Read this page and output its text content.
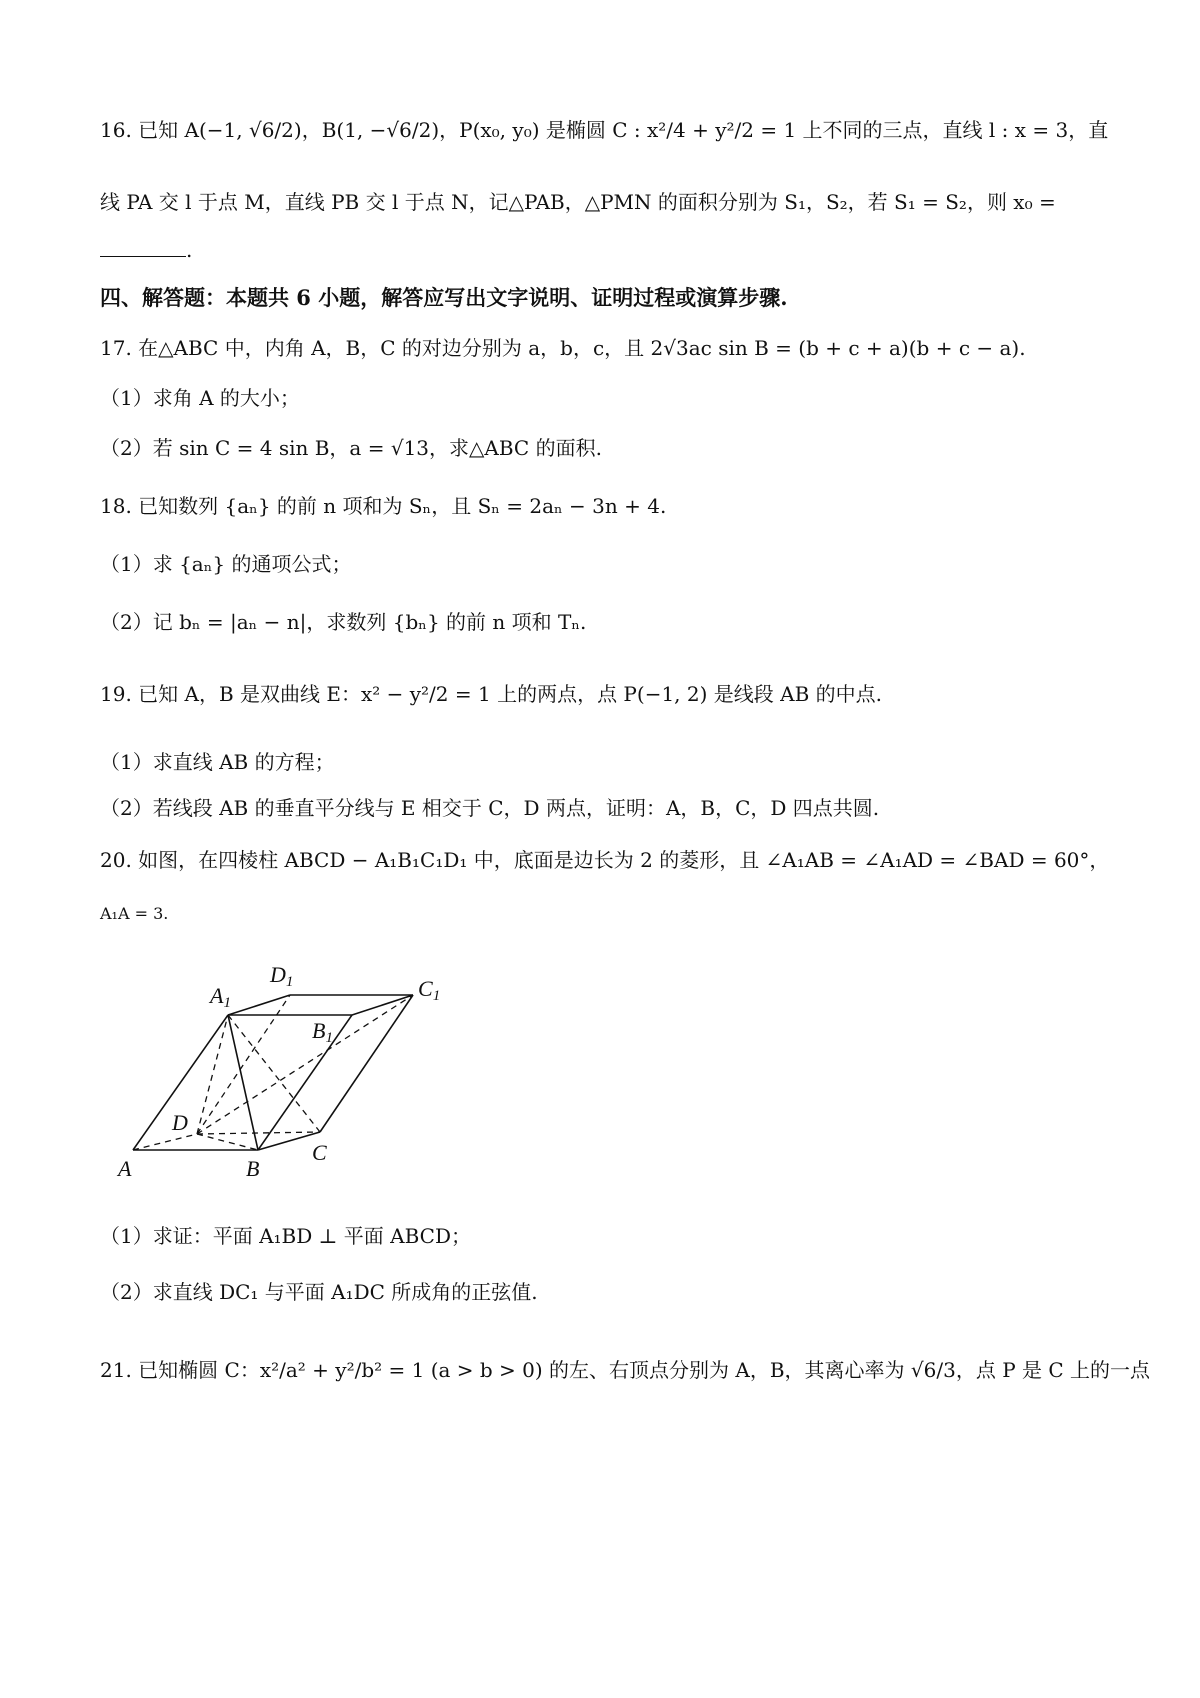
16. 已知 A(−1, √6/2)，B(1, −√6/2)，P(x₀, y₀) 是椭圆 C : x²/4 + y²/2 = 1 上不同的三点，直线 l : x = 3，直
线 PA 交 l 于点 M，直线 PB 交 l 于点 N，记△PAB，△PMN 的面积分别为 S₁，S₂，若 S₁ = S₂，则 x₀ =
.
四、解答题：本题共 6 小题，解答应写出文字说明、证明过程或演算步骤.
17. 在△ABC 中，内角 A，B，C 的对边分别为 a，b，c，且 2√3ac sin B = (b + c + a)(b + c − a).
（1）求角 A 的大小；
（2）若 sin C = 4 sin B，a = √13，求△ABC 的面积.
18. 已知数列 {aₙ} 的前 n 项和为 Sₙ，且 Sₙ = 2aₙ − 3n + 4.
（1）求 {aₙ} 的通项公式；
（2）记 bₙ = |aₙ − n|，求数列 {bₙ} 的前 n 项和 Tₙ.
19. 已知 A，B 是双曲线 E：x² − y²/2 = 1 上的两点，点 P(−1, 2) 是线段 AB 的中点.
（1）求直线 AB 的方程；
（2）若线段 AB 的垂直平分线与 E 相交于 C，D 两点，证明：A，B，C，D 四点共圆.
20. 如图，在四棱柱 ABCD − A₁B₁C₁D₁ 中，底面是边长为 2 的菱形，且 ∠A₁AB = ∠A₁AD = ∠BAD = 60°，
A₁A = 3.
A1
D1	C1
B1
D
A	B
C
（1）求证：平面 A₁BD ⊥ 平面 ABCD；
（2）求直线 DC₁ 与平面 A₁DC 所成角的正弦值.
21. 已知椭圆 C：x²/a² + y²/b² = 1 (a > b > 0) 的左、右顶点分别为 A，B，其离心率为 √6/3，点 P 是 C 上的一点
